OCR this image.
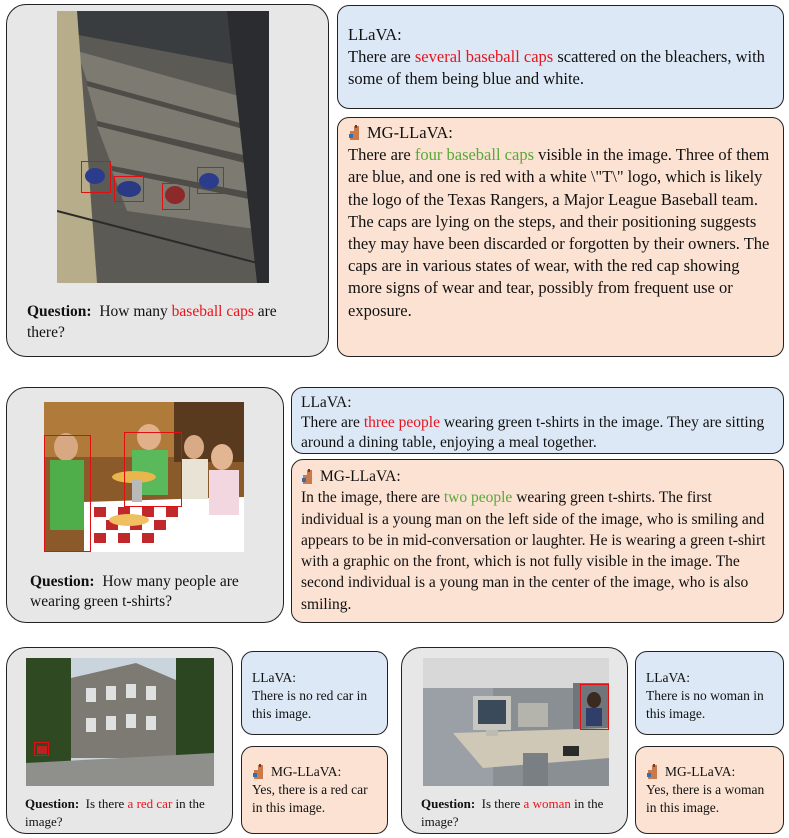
Question: How many baseball caps are there?
LLaVA:
There are several baseball caps scattered on the bleachers, with some of them being blue and white.
MG-LLaVA:
There are four baseball caps visible in the image. Three of them are blue, and one is red with a white \"T\" logo, which is likely the logo of the Texas Rangers, a Major League Baseball team. The caps are lying on the steps, and their positioning suggests they may have been discarded or forgotten by their owners. The caps are in various states of wear, with the red cap showing more signs of wear and tear, possibly from frequent use or exposure.
Question: How many people are wearing green t-shirts?
LLaVA:
There are three people wearing green t-shirts in the image. They are sitting around a dining table, enjoying a meal together.
MG-LLaVA:
In the image, there are two people wearing green t-shirts. The first individual is a young man on the left side of the image, who is smiling and appears to be in mid-conversation or laughter. He is wearing a green t-shirt with a graphic on the front, which is not fully visible in the image. The second individual is a young man in the center of the image, who is also smiling.
Question: Is there a red car in the image?
LLaVA:
There is no red car in this image.
MG-LLaVA:
Yes, there is a red car in this image.	Question: Is there a woman in the image?
LLaVA:
There is no woman in this image.
MG-LLaVA:
Yes, there is a woman in this image.
